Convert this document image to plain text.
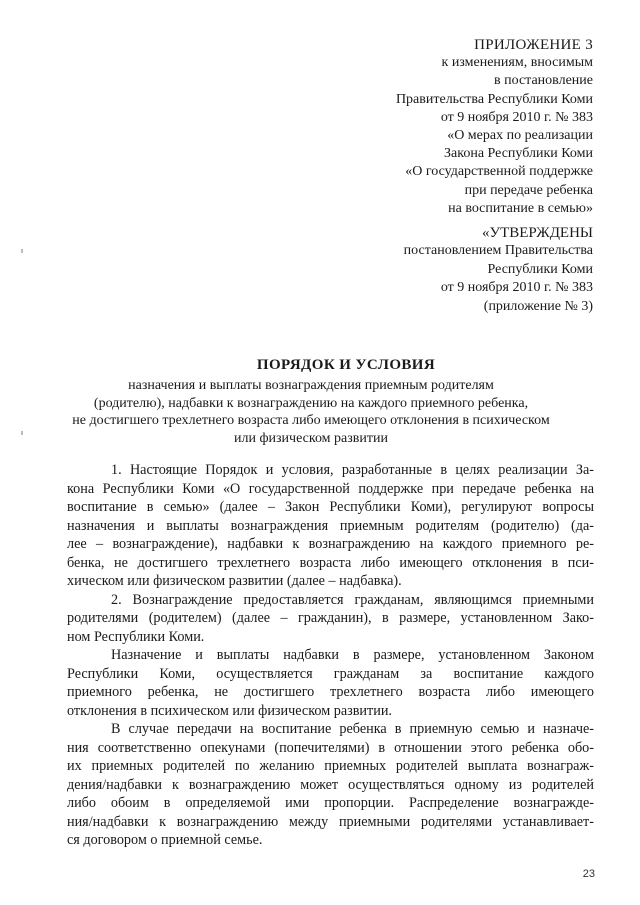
ПРИЛОЖЕНИЕ 3
к изменениям, вносимым
в постановление
Правительства Республики Коми
от 9 ноября 2010 г. № 383
«О мерах по реализации
Закона Республики Коми
«О государственной поддержке
при передаче ребенка
на воспитание в семью»
«УТВЕРЖДЕНЫ
постановлением Правительства
Республики Коми
от 9 ноября 2010 г. № 383
(приложение № 3)
ПОРЯДОК И УСЛОВИЯ
назначения и выплаты вознаграждения приемным родителям
(родителю), надбавки к вознаграждению на каждого приемного ребенка,
не достигшего трехлетнего возраста либо имеющего отклонения в психическом
или физическом развитии
1. Настоящие Порядок и условия, разработанные в целях реализации За-
кона Республики Коми «О государственной поддержке при передаче ребенка на
воспитание в семью» (далее – Закон Республики Коми), регулируют вопросы
назначения и выплаты вознаграждения приемным родителям (родителю) (да-
лее – вознаграждение), надбавки к вознаграждению на каждого приемного ре-
бенка, не достигшего трехлетнего возраста либо имеющего отклонения в пси-
хическом или физическом развитии (далее – надбавка).
2. Вознаграждение предоставляется гражданам, являющимся приемными
родителями (родителем) (далее – гражданин), в размере, установленном Зако-
ном Республики Коми.
Назначение и выплаты надбавки в размере, установленном Законом
Республики Коми, осуществляется гражданам за воспитание каждого
приемного ребенка, не достигшего трехлетнего возраста либо имеющего
отклонения в психическом или физическом развитии.
В случае передачи на воспитание ребенка в приемную семью и назначе-
ния соответственно опекунами (попечителями) в отношении этого ребенка обо-
их приемных родителей по желанию приемных родителей выплата вознаграж-
дения/надбавки к вознаграждению может осуществляться одному из родителей
либо обоим в определяемой ими пропорции. Распределение вознагражде-
ния/надбавки к вознаграждению между приемными родителями устанавливает-
ся договором о приемной семье.
23
